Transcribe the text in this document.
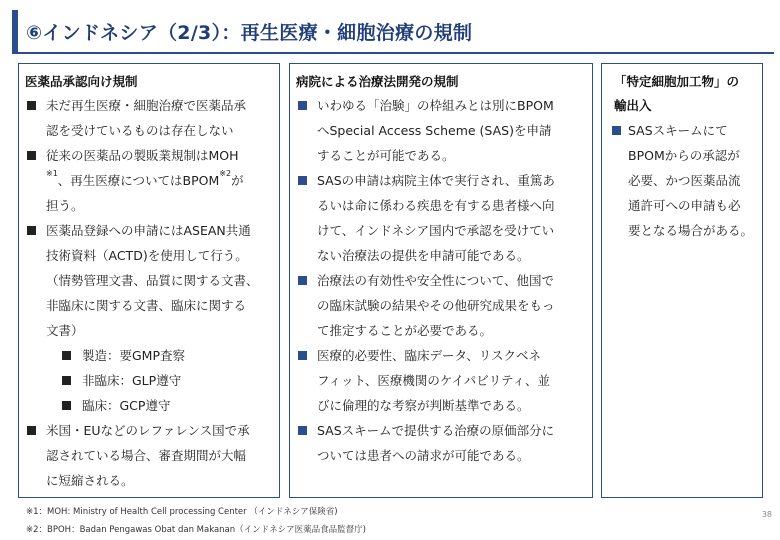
⑥インドネシア（2/3）：再生医療・細胞治療の規制
医薬品承認向け規制
未だ再生医療・細胞治療で医薬品承
認を受けているものは存在しない
従来の医薬品の製販業規制はMOH
$^{※1}$、再生医療についてはBPOM$^{※2}$が
担う。
医薬品登録への申請にはASEAN共通
技術資料（ACTD)を使用して行う。
（情勢管理文書、品質に関する文書、
非臨床に関する文書、臨床に関する
文書）
製造：要GMP査察
非臨床：GLP遵守
臨床：GCP遵守
米国・EUなどのレファレンス国で承
認されている場合、審査期間が大幅
に短縮される。
病院による治療法開発の規制
いわゆる「治験」の枠組みとは別にBPOM
へSpecial Access Scheme (SAS)を申請
することが可能である。
SASの申請は病院主体で実行され、重篤あ
るいは命に係わる疾患を有する患者様へ向
けて、インドネシア国内で承認を受けてい
ない治療法の提供を申請可能である。
治療法の有効性や安全性について、他国で
の臨床試験の結果やその他研究成果をもっ
て推定することが必要である。
医療的必要性、臨床データ、リスクベネ
フィット、医療機関のケイパビリティ、並
びに倫理的な考察が判断基準である。
SASスキームで提供する治療の原価部分に
ついては患者への請求が可能である。
「特定細胞加工物」の
輸出入
SASスキームにて
BPOMからの承認が
必要、かつ医薬品流
通許可への申請も必
要となる場合がある。
※1：MOH: Ministry of Health Cell processing Center （インドネシア保険省)
※2：BPOH：Badan Pengawas Obat dan Makanan（インドネシア医薬品食品監督庁)
38
